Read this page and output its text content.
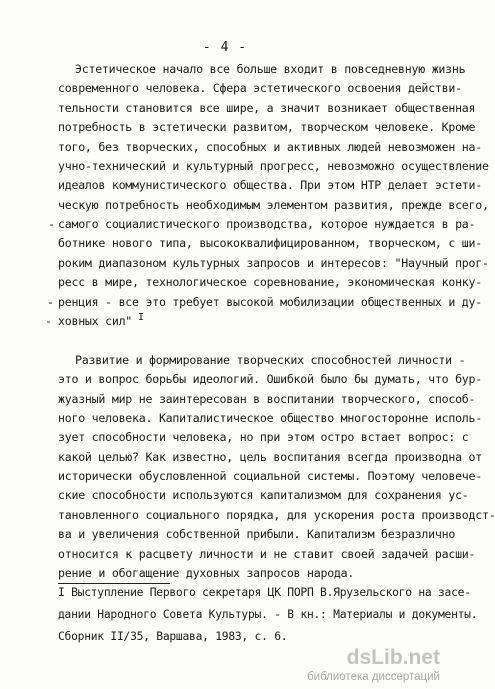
- 4 -
Эстетическое начало все больше входит в повседневную жизнь
современного человека. Сфера эстетического освоения действи-
тельности становится все шире, а значит возникает общественная
потребность в эстетически развитом, творческом человеке. Кроме
того, без творческих, способных и активных людей невозможен на-
учно-технический и культурный прогресс, невозможно осуществление
идеалов коммунистического общества. При этом НТР делает эстети-
ческую потребность необходимым элементом развития, прежде всего,
самого социалистического производства, которое нуждается в ра-
ботнике нового типа, высококвалифицированном, творческом, с ши-
роким диапазоном культурных запросов и интересов: "Научный прог-
ресс в мире, технологическое соревнование, экономическая конку-
ренция - все это требует высокой мобилизации общественных и ду-
ховных сил" I
Развитие и формирование творческих способностей личности -
это и вопрос борьбы идеологий. Ошибкой было бы думать, что бур-
жуазный мир не заинтересован в воспитании творческого, способ-
ного человека. Капиталистическое общество многосторонне исполь-
зует способности человека, но при этом остро встает вопрос: с
какой целью? Как известно, цель воспитания всегда производна от
исторически обусловленной социальной системы. Поэтому человече-
ские способности используются капитализмом для сохранения ус-
тановленного социального порядка, для ускорения роста производст-
ва и увеличения собственной прибыли. Капитализм безразлично
относится к расцвету личности и не ставит своей задачей расши-
рение и обогащение духовных запросов народа.
-
-
-
I Выступление Первого секретаря ЦК ПОРП В.Ярузельского на засе-
дании Народного Совета Культуры. - В кн.: Материалы и документы.
Сборник II/35, Варшава, 1983, с. 6.
dsLib.net
библиотека диссертаций
